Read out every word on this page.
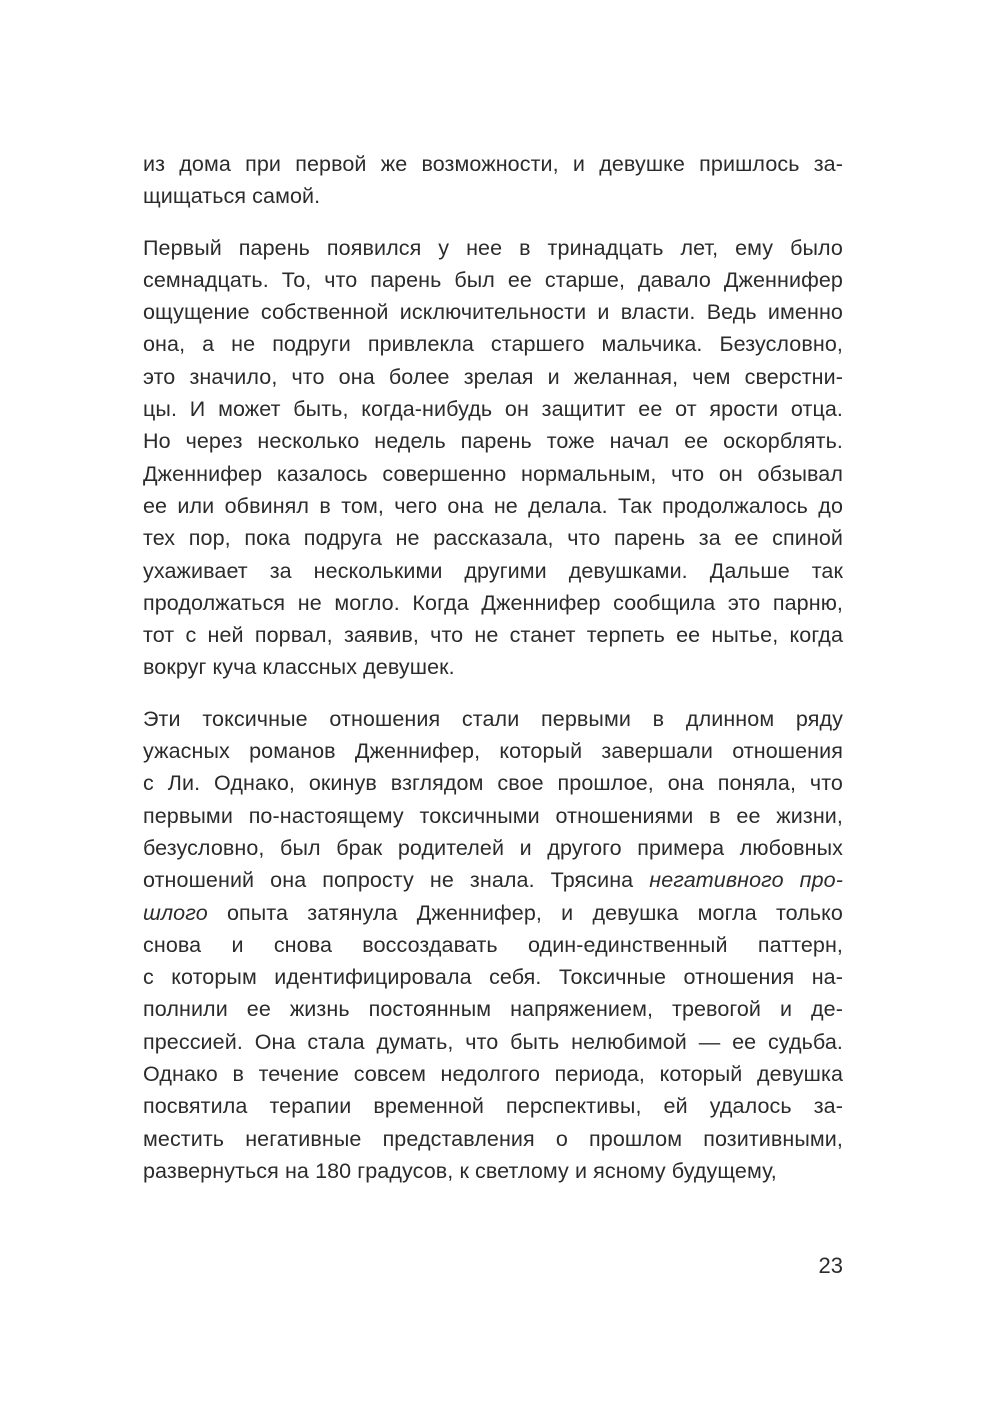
из дома при первой же возможности, и девушке пришлось за-
щищаться самой.
Первый парень появился у нее в тринадцать лет, ему было
семнадцать. То, что парень был ее старше, давало Дженнифер
ощущение собственной исключительности и власти. Ведь именно
она, а не подруги привлекла старшего мальчика. Безусловно,
это значило, что она более зрелая и желанная, чем сверстни-
цы. И может быть, когда-нибудь он защитит ее от ярости отца.
Но через несколько недель парень тоже начал ее оскорблять.
Дженнифер казалось совершенно нормальным, что он обзывал
ее или обвинял в том, чего она не делала. Так продолжалось до
тех пор, пока подруга не рассказала, что парень за ее спиной
ухаживает за несколькими другими девушками. Дальше так
продолжаться не могло. Когда Дженнифер сообщила это парню,
тот с ней порвал, заявив, что не станет терпеть ее нытье, когда
вокруг куча классных девушек.
Эти токсичные отношения стали первыми в длинном ряду
ужасных романов Дженнифер, который завершали отношения
с Ли. Однако, окинув взглядом свое прошлое, она поняла, что
первыми по-настоящему токсичными отношениями в ее жизни,
безусловно, был брак родителей и другого примера любовных
отношений она попросту не знала. Трясина негативного про-
шлого опыта затянула Дженнифер, и девушка могла только
снова и снова воссоздавать один-единственный паттерн,
с которым идентифицировала себя. Токсичные отношения на-
полнили ее жизнь постоянным напряжением, тревогой и де-
прессией. Она стала думать, что быть нелюбимой — ее судьба.
Однако в течение совсем недолгого периода, который девушка
посвятила терапии временной перспективы, ей удалось за-
местить негативные представления о прошлом позитивными,
развернуться на 180 градусов, к светлому и ясному будущему,
23
